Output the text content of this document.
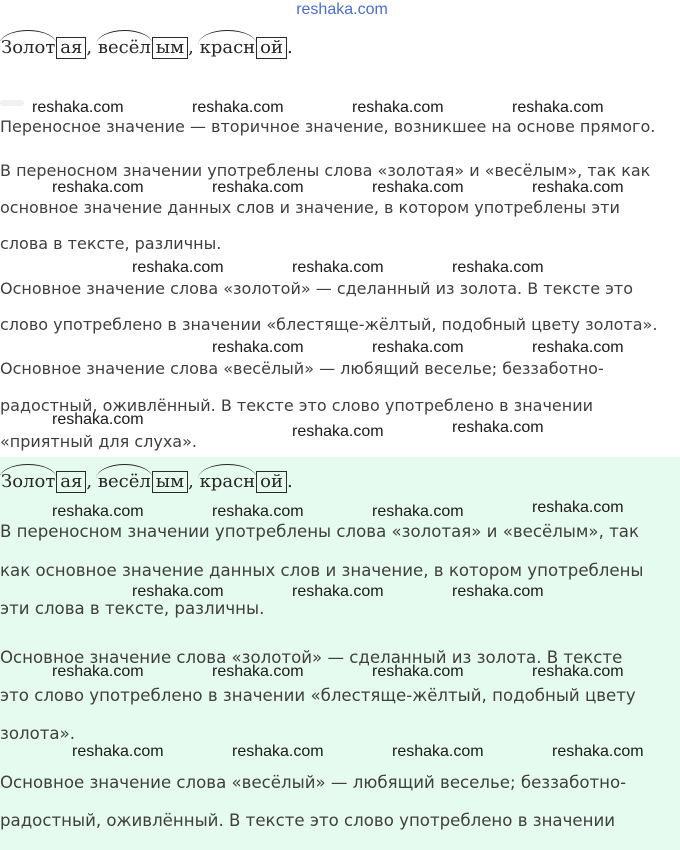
reshaka.com
Золот ая ,
весёл ым ,
красн ой .
Переносное значение — вторичное значение, возникшее на основе прямого.
В переносном значении употреблены слова «золотая» и «весёлым», так как
основное значение данных слов и значение, в котором употреблены эти
слова в тексте, различны.
Основное значение слова «золотой» — сделанный из золота. В тексте это
слово употреблено в значении «блестяще-жёлтый, подобный цвету золота».
Основное значение слова «весёлый» — любящий веселье; беззаботно-
радостный, оживлённый. В тексте это слово употреблено в значении
«приятный для слуха».
Золот ая ,
весёл ым ,
красн ой .
В переносном значении употреблены слова «золотая» и «весёлым», так
как основное значение данных слов и значение, в котором употреблены
эти слова в тексте, различны.
Основное значение слова «золотой» — сделанный из золота. В тексте
это слово употреблено в значении «блестяще-жёлтый, подобный цвету
золота».
Основное значение слова «весёлый» — любящий веселье; беззаботно-
радостный, оживлённый. В тексте это слово употреблено в значении
reshaka.com	reshaka.com	reshaka.com	reshaka.com
reshaka.com	reshaka.com	reshaka.com	reshaka.com
reshaka.com	reshaka.com	reshaka.com
reshaka.com	reshaka.com	reshaka.com
reshaka.com
reshaka.com	reshaka.com
reshaka.com	reshaka.com	reshaka.com	reshaka.com
reshaka.com	reshaka.com	reshaka.com
reshaka.com	reshaka.com	reshaka.com	reshaka.com
reshaka.com	reshaka.com	reshaka.com	reshaka.com
